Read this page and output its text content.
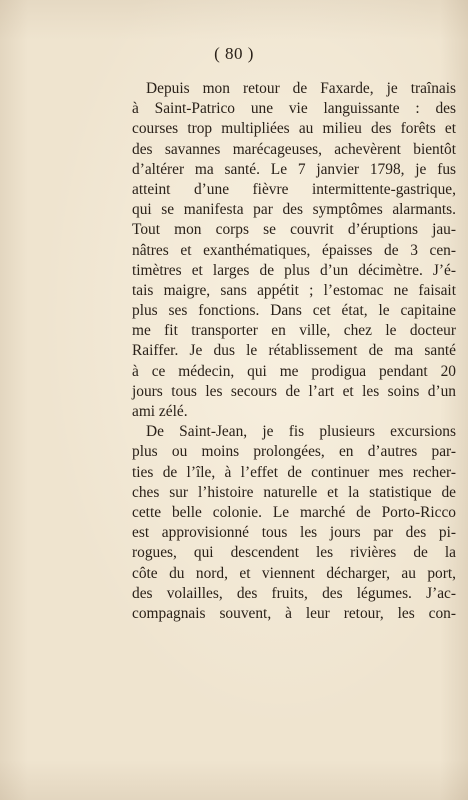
( 80 )
Depuis mon retour de Faxarde, je traînais
à Saint-Patrico une vie languissante : des
courses trop multipliées au milieu des forêts et
des savannes marécageuses, achevèrent bientôt
d’altérer ma santé. Le 7 janvier 1798, je fus
atteint d’une fièvre intermittente-gastrique,
qui se manifesta par des symptômes alarmants.
Tout mon corps se couvrit d’éruptions jau-
nâtres et exanthématiques, épaisses de 3 cen-
timètres et larges de plus d’un décimètre. J’é-
tais maigre, sans appétit ; l’estomac ne faisait
plus ses fonctions. Dans cet état, le capitaine
me fit transporter en ville, chez le docteur
Raiffer. Je dus le rétablissement de ma santé
à ce médecin, qui me prodigua pendant 20
jours tous les secours de l’art et les soins d’un
ami zélé.
De Saint-Jean, je fis plusieurs excursions
plus ou moins prolongées, en d’autres par-
ties de l’île, à l’effet de continuer mes recher-
ches sur l’histoire naturelle et la statistique de
cette belle colonie. Le marché de Porto-Ricco
est approvisionné tous les jours par des pi-
rogues, qui descendent les rivières de la
côte du nord, et viennent décharger, au port,
des volailles, des fruits, des légumes. J’ac-
compagnais souvent, à leur retour, les con-
